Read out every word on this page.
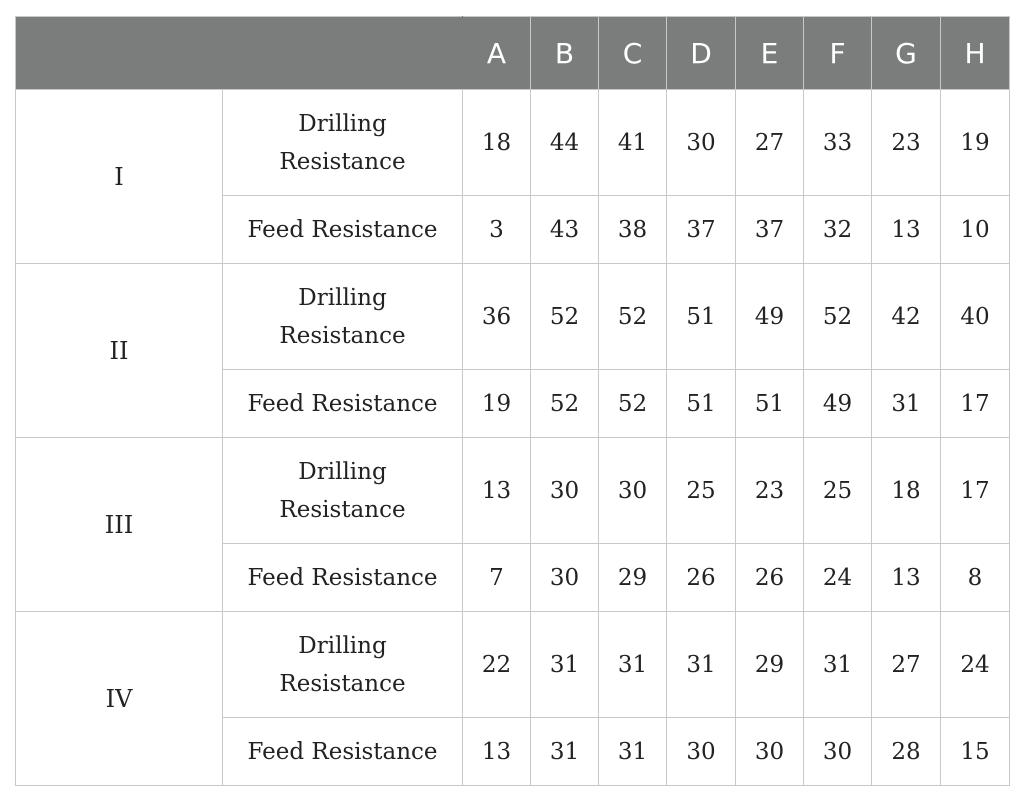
		A	B	C	D	E	F	G	H
I	Drilling Resistance	18	44	41	30	27	33	23	19
	Feed Resistance	3	43	38	37	37	32	13	10
II	Drilling Resistance	36	52	52	51	49	52	42	40
	Feed Resistance	19	52	52	51	51	49	31	17
III	Drilling Resistance	13	30	30	25	23	25	18	17
	Feed Resistance	7	30	29	26	26	24	13	8
IV	Drilling Resistance	22	31	31	31	29	31	27	24
	Feed Resistance	13	31	31	30	30	30	28	15
